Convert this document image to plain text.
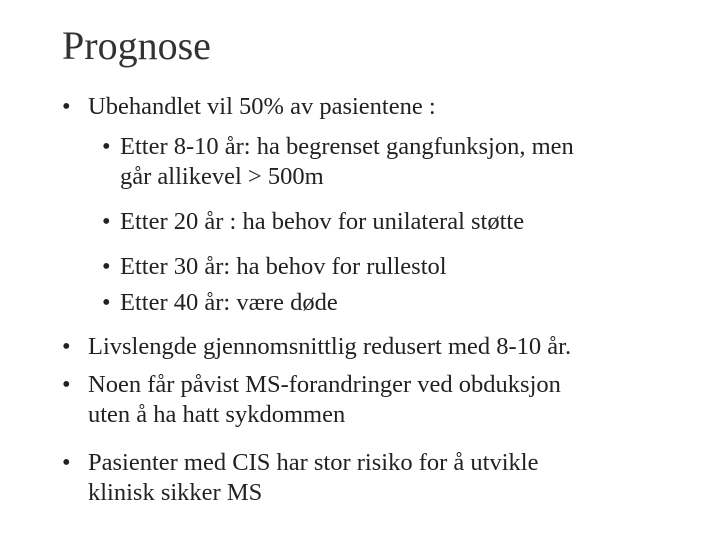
Prognose
• Ubehandlet vil 50% av pasientene :
• Etter 8-10 år: ha begrenset gangfunksjon, men
går allikevel > 500m
• Etter 20 år : ha behov for unilateral støtte
• Etter 30 år: ha behov for rullestol
• Etter 40 år: være døde
• Livslengde gjennomsnittlig redusert med 8-10 år.
• Noen får påvist MS-forandringer ved obduksjon
uten å ha hatt sykdommen
• Pasienter med CIS har stor risiko for å utvikle
klinisk sikker MS
